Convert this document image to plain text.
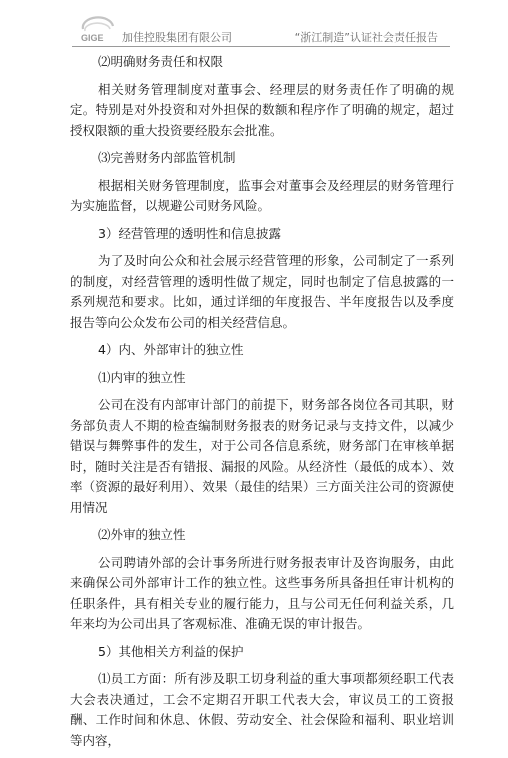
GIGE 加佳控股集团有限公司	“浙江制造”认证社会责任报告

⑵明确财务责任和权限

相关财务管理制度对董事会、经理层的财务责任作了明确的规定。特别是对外投资和对外担保的数额和程序作了明确的规定，超过授权限额的重大投资要经股东会批准。

⑶完善财务内部监管机制

根据相关财务管理制度，监事会对董事会及经理层的财务管理行为实施监督，以规避公司财务风险。

3）经营管理的透明性和信息披露

为了及时向公众和社会展示经营管理的形象，公司制定了一系列的制度，对经营管理的透明性做了规定，同时也制定了信息披露的一系列规范和要求。比如，通过详细的年度报告、半年度报告以及季度报告等向公众发布公司的相关经营信息。

4）内、外部审计的独立性

⑴内审的独立性

公司在没有内部审计部门的前提下，财务部各岗位各司其职，财务部负责人不期的检查编制财务报表的财务记录与支持文件，以减少错误与舞弊事件的发生，对于公司各信息系统，财务部门在审核单据时，随时关注是否有错报、漏报的风险。从经济性（最低的成本）、效率（资源的最好利用）、效果（最佳的结果）三方面关注公司的资源使用情况

⑵外审的独立性

公司聘请外部的会计事务所进行财务报表审计及咨询服务，由此来确保公司外部审计工作的独立性。这些事务所具备担任审计机构的任职条件，具有相关专业的履行能力，且与公司无任何利益关系，几年来均为公司出具了客观标准、准确无误的审计报告。

5）其他相关方利益的保护

⑴员工方面：所有涉及职工切身利益的重大事项都须经职工代表大会表决通过，工会不定期召开职工代表大会，审议员工的工资报酬、工作时间和休息、休假、劳动安全、社会保险和福利、职业培训等内容，
